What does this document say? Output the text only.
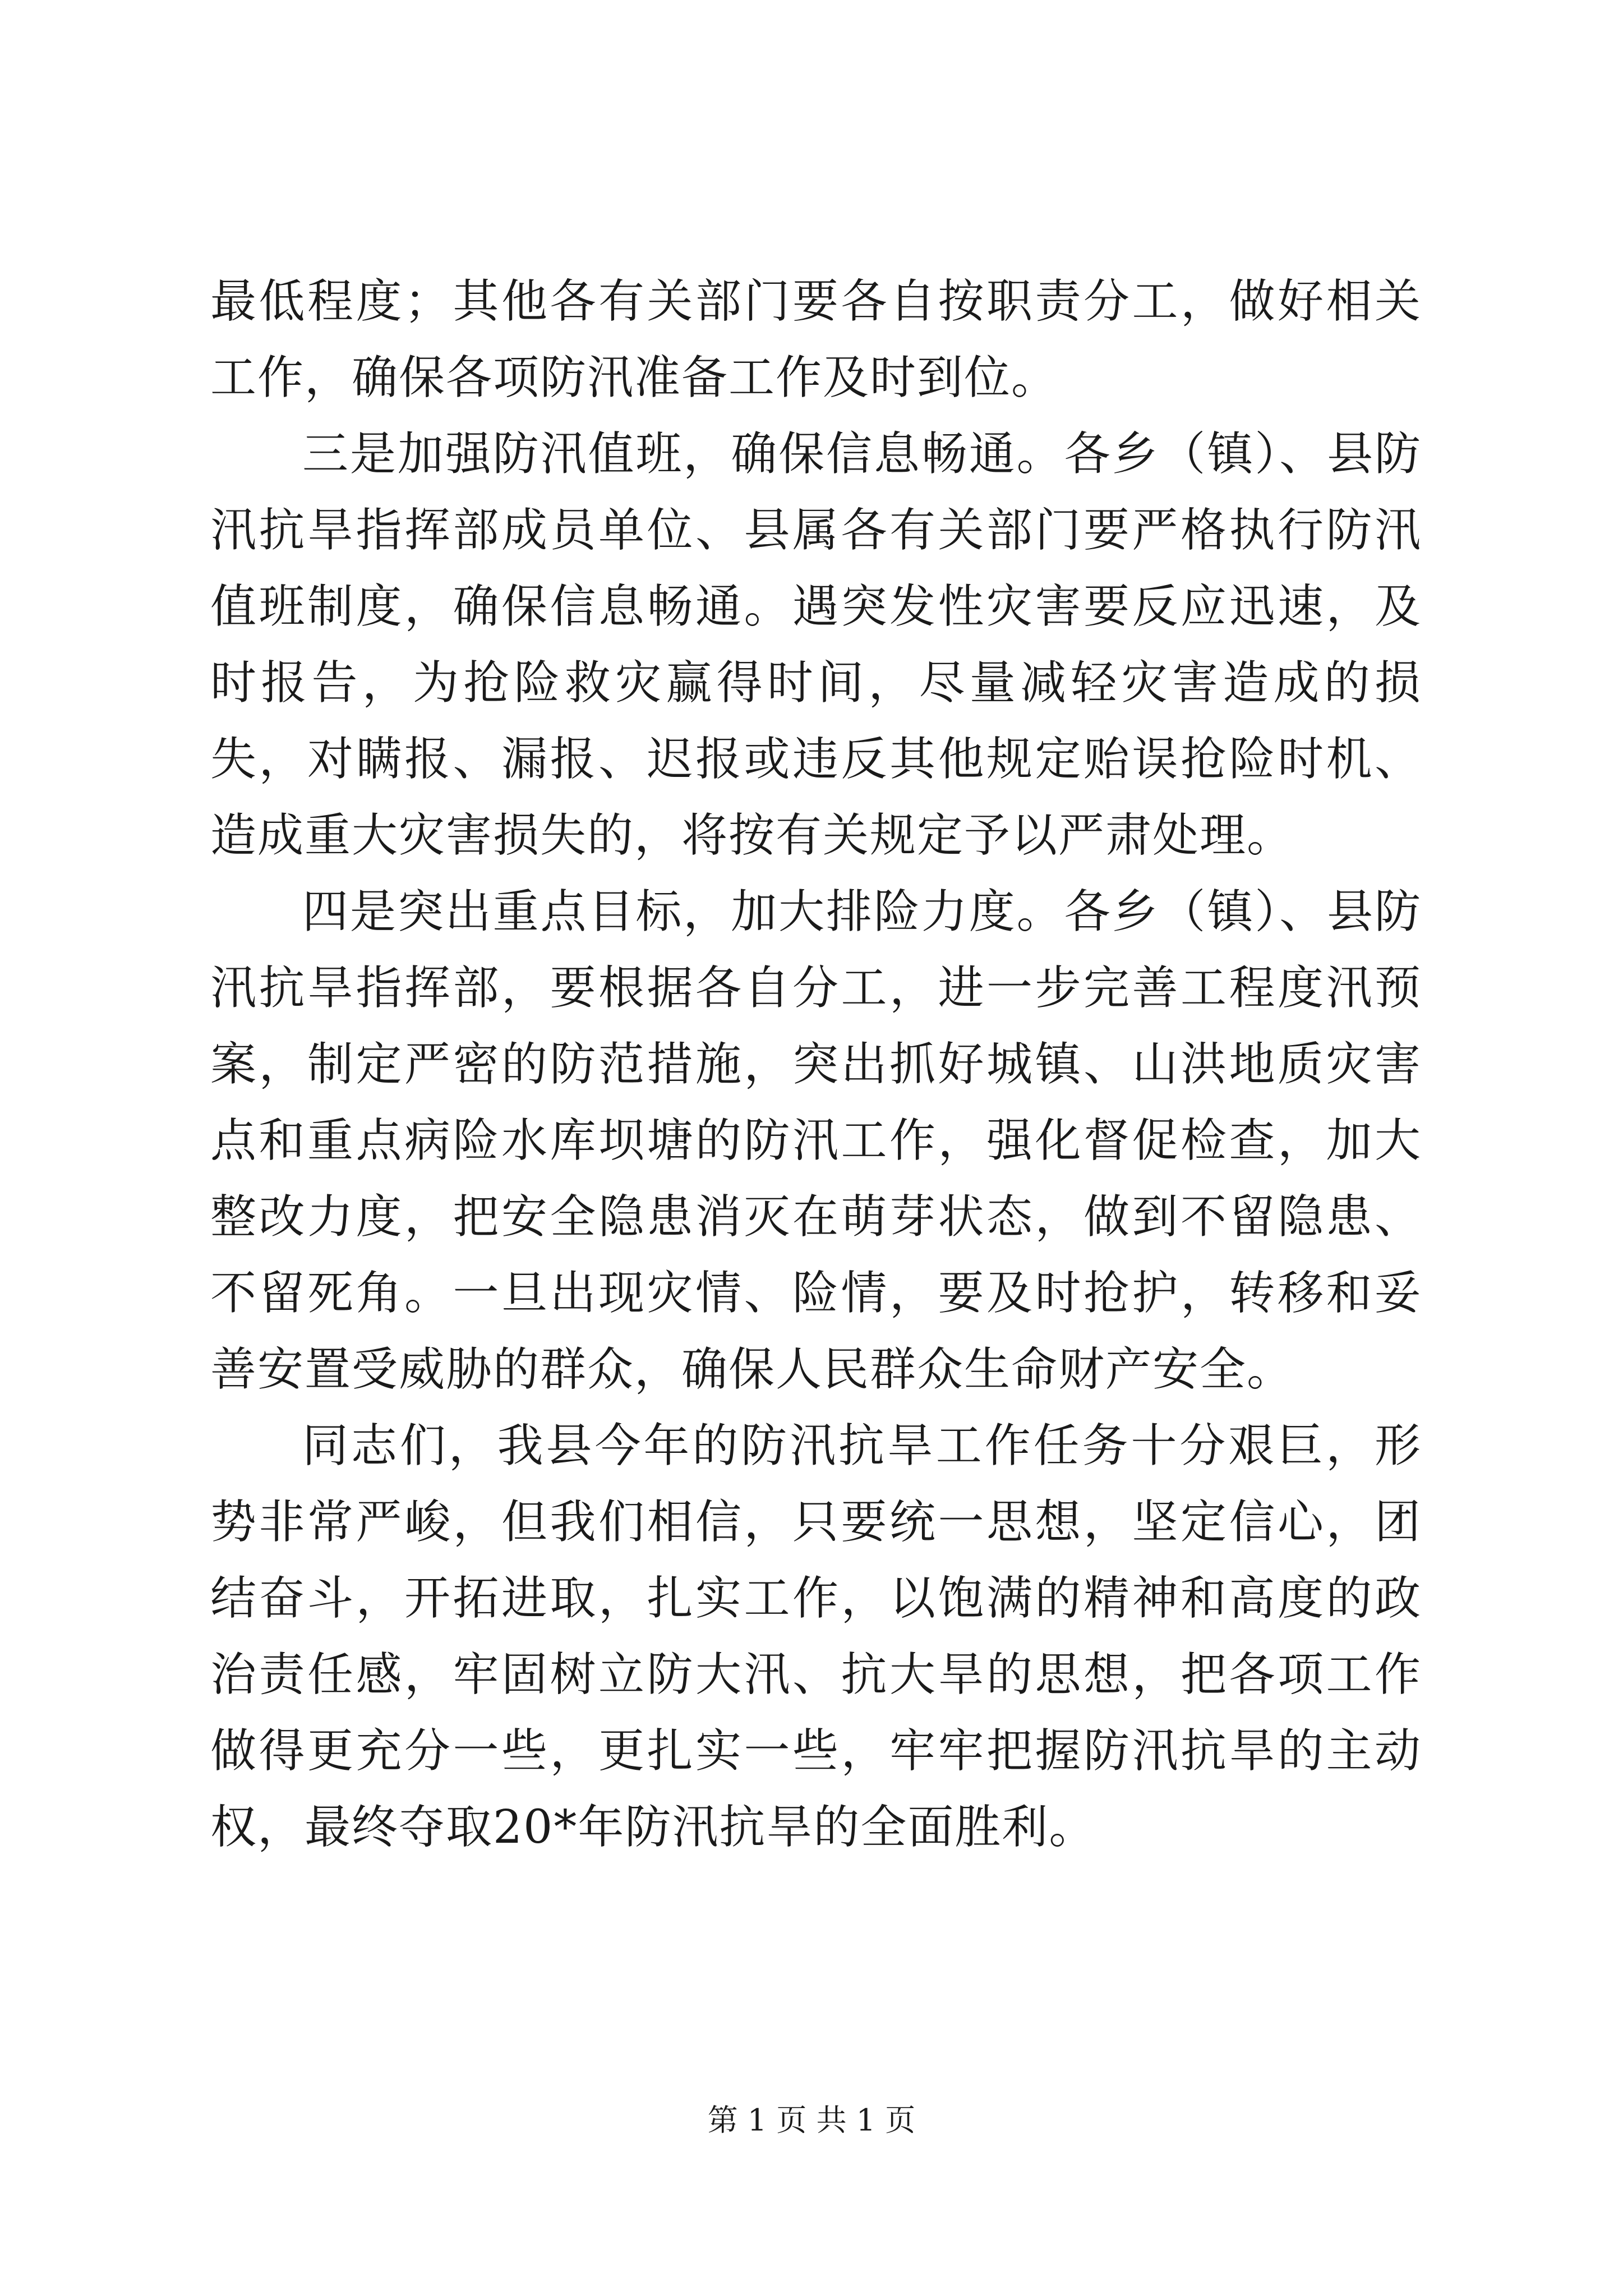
最低程度；其他各有关部门要各自按职责分工，做好相关工作，确保各项防汛准备工作及时到位。

三是加强防汛值班，确保信息畅通。各乡（镇）、县防汛抗旱指挥部成员单位、县属各有关部门要严格执行防汛值班制度，确保信息畅通。遇突发性灾害要反应迅速，及时报告，为抢险救灾赢得时间，尽量减轻灾害造成的损失，对瞒报、漏报、迟报或违反其他规定贻误抢险时机、造成重大灾害损失的，将按有关规定予以严肃处理。

四是突出重点目标，加大排险力度。各乡（镇）、县防汛抗旱指挥部，要根据各自分工，进一步完善工程度汛预案，制定严密的防范措施，突出抓好城镇、山洪地质灾害点和重点病险水库坝塘的防汛工作，强化督促检查，加大整改力度，把安全隐患消灭在萌芽状态，做到不留隐患、不留死角。一旦出现灾情、险情，要及时抢护，转移和妥善安置受威胁的群众，确保人民群众生命财产安全。

同志们，我县今年的防汛抗旱工作任务十分艰巨，形势非常严峻，但我们相信，只要统一思想，坚定信心，团结奋斗，开拓进取，扎实工作，以饱满的精神和高度的政治责任感，牢固树立防大汛、抗大旱的思想，把各项工作做得更充分一些，更扎实一些，牢牢把握防汛抗旱的主动权，最终夺取20*年防汛抗旱的全面胜利。

第 1 页 共 1 页
